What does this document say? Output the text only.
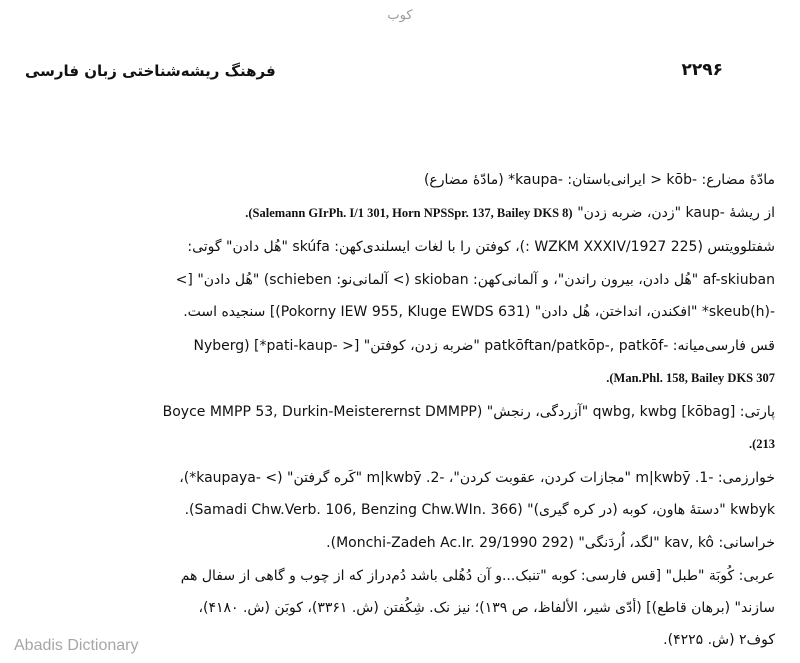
کوب
فرهنگ ریشه‌شناختی زبان فارسی	۲۲۹۶
مادّهٔ مضارع: -kōb < ایرانی‌باستان: -kaupa* (مادّهٔ مضارع)
از ریشهٔ -kaup "زدن، ضربه زدن" (Salemann GIrPh. I/1 301, Horn NPSSpr. 137, Bailey DKS 8).
شفتلوویتس (WZKM XXXIV/1927 225 :)، کوفتن را با لغات ایسلندی‌کهن: skúfa "هُل دادن" گوتی:
af-skiuban "هُل دادن، بیرون راندن"، و آلمانی‌کهن: skioban (> آلمانی‌نو: schieben) "هُل دادن" [>
-skeub(h)* "افکندن، انداختن، هُل دادن" (Pokorny IEW 955, Kluge EWDS 631)] سنجیده است.
قس فارسی‌میانه: -patkōftan/patkōp-, patkōf "ضربه زدن، کوفتن" [< -pati-kaup*] (Nyberg
Man.Phl. 158, Bailey DKS 307).
پارتی: qwbg, kwbg [kōbag] "آزردگی، رنجش" (Boyce MMPP 53, Durkin-Meisterernst DMMPP
213).
خوارزمی: -1. m|kwbȳ "مجازات کردن، عقوبت کردن"، -2. m|kwbȳ "کَره گرفتن" (> -kaupaya*)،
kwbyk "دستهٔ هاون، کوبه (در کره گیری)" (Samadi Chw.Verb. 106, Benzing Chw.WIn. 366).
خراسانی: kav, kô "لگد، اُردَنگی" (Monchi-Zadeh Ac.Ir. 29/1990 292).
عربی: کُوبَة "طبل" [قس فارسی: کوبه "تنبک...و آن دُهُلی باشد دُم‌دراز که از چوب و گاهی از سفال هم
سازند" (برهان قاطع)] (أدّی شیر، الألفاظ، ص ۱۳۹)؛ نیز نک. شِکُفتن (ش. ۳۳۶۱)، کوبَن (ش. ۴۱۸۰)،
کوف۲ (ش. ۴۲۲۵).
Abadis Dictionary
